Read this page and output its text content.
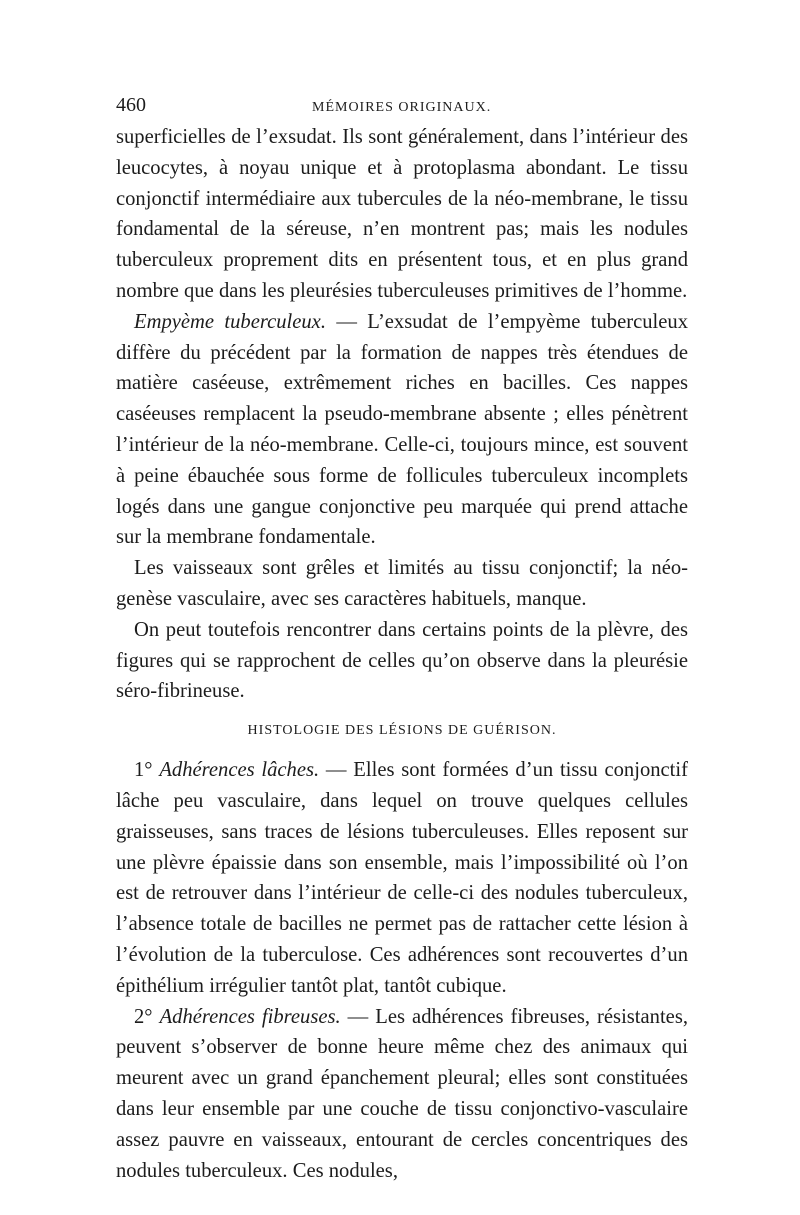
460	MÉMOIRES ORIGINAUX.

superficielles de l’exsudat. Ils sont généralement, dans l’intérieur des leucocytes, à noyau unique et à protoplasma abondant. Le tissu conjonctif intermédiaire aux tubercules de la néo-membrane, le tissu fondamental de la séreuse, n’en montrent pas; mais les nodules tuberculeux proprement dits en présentent tous, et en plus grand nombre que dans les pleurésies tuberculeuses primitives de l’homme.

Empyème tuberculeux. — L’exsudat de l’empyème tuberculeux diffère du précédent par la formation de nappes très étendues de matière caséeuse, extrêmement riches en bacilles. Ces nappes caséeuses remplacent la pseudo-membrane absente ; elles pénètrent l’intérieur de la néo-membrane. Celle-ci, toujours mince, est souvent à peine ébauchée sous forme de follicules tuberculeux incomplets logés dans une gangue conjonctive peu marquée qui prend attache sur la membrane fondamentale.

Les vaisseaux sont grêles et limités au tissu conjonctif; la néo-genèse vasculaire, avec ses caractères habituels, manque.

On peut toutefois rencontrer dans certains points de la plèvre, des figures qui se rapprochent de celles qu’on observe dans la pleurésie séro-fibrineuse.

HISTOLOGIE DES LÉSIONS DE GUÉRISON.

1° Adhérences lâches. — Elles sont formées d’un tissu conjonctif lâche peu vasculaire, dans lequel on trouve quelques cellules graisseuses, sans traces de lésions tuberculeuses. Elles reposent sur une plèvre épaissie dans son ensemble, mais l’impossibilité où l’on est de retrouver dans l’intérieur de celle-ci des nodules tuberculeux, l’absence totale de bacilles ne permet pas de rattacher cette lésion à l’évolution de la tuberculose. Ces adhérences sont recouvertes d’un épithélium irrégulier tantôt plat, tantôt cubique.

2° Adhérences fibreuses. — Les adhérences fibreuses, résistantes, peuvent s’observer de bonne heure même chez des animaux qui meurent avec un grand épanchement pleural; elles sont constituées dans leur ensemble par une couche de tissu conjonctivo-vasculaire assez pauvre en vaisseaux, entourant de cercles concentriques des nodules tuberculeux. Ces nodules,
